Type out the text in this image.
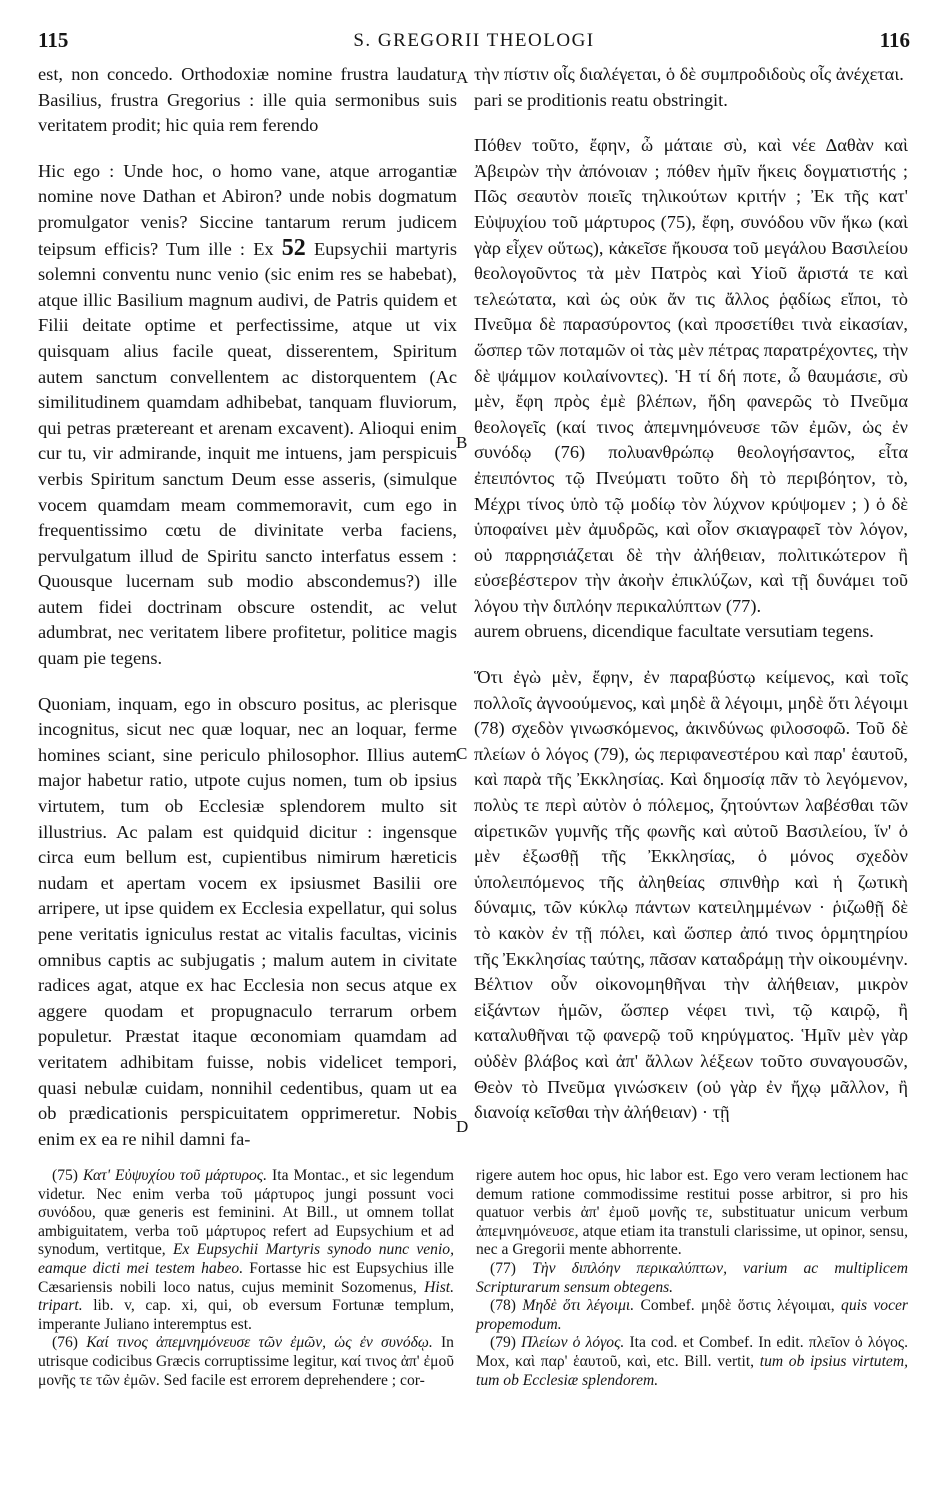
115	S. GREGORII THEOLOGI	116
A
B
C
D
est, non concedo. Orthodoxiæ nomine frustra laudatur Basilius, frustra Gregorius : ille quia sermonibus suis veritatem prodit; hic quia rem ferendo
Hic ego : Unde hoc, o homo vane, atque arrogantiæ nomine nove Dathan et Abiron? unde nobis dogmatum promulgator venis? Siccine tantarum rerum judicem teipsum efficis? Tum ille : Ex 52 Eupsychii martyris solemni conventu nunc venio (sic enim res se habebat), atque illic Basilium magnum audivi, de Patris quidem et Filii deitate optime et perfectissime, atque ut vix quisquam alius facile queat, disserentem, Spiritum autem sanctum convellentem ac distorquentem (Ac similitudinem quamdam adhibebat, tanquam fluviorum, qui petras prætereant et arenam excavent). Alioqui enim cur tu, vir admirande, inquit me intuens, jam perspicuis verbis Spiritum sanctum Deum esse asseris, (simulque vocem quamdam meam commemoravit, cum ego in frequentissimo cœtu de divinitate verba faciens, pervulgatum illud de Spiritu sancto interfatus essem : Quousque lucernam sub modio abscondemus?) ille autem fidei doctrinam obscure ostendit, ac velut adumbrat, nec veritatem libere profitetur, politice magis quam pie tegens.
Quoniam, inquam, ego in obscuro positus, ac plerisque incognitus, sicut nec quæ loquar, nec an loquar, ferme homines sciant, sine periculo philosophor. Illius autem major habetur ratio, utpote cujus nomen, tum ob ipsius virtutem, tum ob Ecclesiæ splendorem multo sit illustrius. Ac palam est quidquid dicitur : ingensque circa eum bellum est, cupientibus nimirum hæreticis nudam et apertam vocem ex ipsiusmet Basilii ore arripere, ut ipse quidem ex Ecclesia expellatur, qui solus pene veritatis igniculus restat ac vitalis facultas, vicinis omnibus captis ac subjugatis ; malum autem in civitate radices agat, atque ex hac Ecclesia non secus atque ex aggere quodam et propugnaculo terrarum orbem populetur. Præstat itaque œconomiam quamdam ad veritatem adhibitam fuisse, nobis videlicet tempori, quasi nebulæ cuidam, nonnihil cedentibus, quam ut ea ob prædicationis perspicuitatem opprimeretur. Nobis enim ex ea re nihil damni fa-
τὴν πίστιν οἷς διαλέγεται, ὁ δὲ συμπροδιδοὺς οἷς ἀνέχεται.
pari se proditionis reatu obstringit.
Πόθεν τοῦτο, ἔφην, ὦ μάταιε σὺ, καὶ νέε Δαθὰν καὶ Ἀβειρὼν τὴν ἀπόνοιαν ; πόθεν ἡμῖν ἥκεις δογματιστής ; Πῶς σεαυτὸν ποιεῖς τηλικούτων κριτήν ; Ἐκ τῆς κατ' Εὐψυχίου τοῦ μάρτυρος (75), ἔφη, συνόδου νῦν ἥκω (καὶ γὰρ εἶχεν οὕτως), κἀκεῖσε ἤκουσα τοῦ μεγάλου Βασιλείου θεολογοῦντος τὰ μὲν Πατρὸς καὶ Υἱοῦ ἄριστά τε καὶ τελεώτατα, καὶ ὡς οὐκ ἄν τις ἄλλος ῥᾳδίως εἴποι, τὸ Πνεῦμα δὲ παρασύροντος (καὶ προσετίθει τινὰ εἰκασίαν, ὥσπερ τῶν ποταμῶν οἱ τὰς μὲν πέτρας παρατρέχοντες, τὴν δὲ ψάμμον κοιλαίνοντες). Ἡ τί δή ποτε, ὦ θαυμάσιε, σὺ μὲν, ἔφη πρὸς ἐμὲ βλέπων, ἤδη φανερῶς τὸ Πνεῦμα θεολογεῖς (καί τινος ἀπεμνημόνευσε τῶν ἐμῶν, ὡς ἐν συνόδῳ (76) πολυανθρώπῳ θεολογήσαντος, εἶτα ἐπειπόντος τῷ Πνεύματι τοῦτο δὴ τὸ περιβόητον, τὸ, Μέχρι τίνος ὑπὸ τῷ μοδίῳ τὸν λύχνον κρύψομεν ; ) ὁ δὲ ὑποφαίνει μὲν ἀμυδρῶς, καὶ οἷον σκιαγραφεῖ τὸν λόγον, οὐ παρρησιάζεται δὲ τὴν ἀλήθειαν, πολιτικώτερον ἢ εὐσεβέστερον τὴν ἀκοὴν ἐπικλύζων, καὶ τῇ δυνάμει τοῦ λόγου τὴν διπλόην περικαλύπτων (77).
aurem obruens, dicendique facultate versutiam tegens.
Ὅτι ἐγὼ μὲν, ἔφην, ἐν παραβύστῳ κείμενος, καὶ τοῖς πολλοῖς ἀγνοούμενος, καὶ μηδὲ ἃ λέγοιμι, μηδὲ ὅτι λέγοιμι (78) σχεδὸν γινωσκόμενος, ἀκινδύνως φιλοσοφῶ. Τοῦ δὲ πλείων ὁ λόγος (79), ὡς περιφανεστέρου καὶ παρ' ἑαυτοῦ, καὶ παρὰ τῆς Ἐκκλησίας. Καὶ δημοσίᾳ πᾶν τὸ λεγόμενον, πολὺς τε περὶ αὐτὸν ὁ πόλεμος, ζητούντων λαβέσθαι τῶν αἱρετικῶν γυμνῆς τῆς φωνῆς καὶ αὐτοῦ Βασιλείου, ἵν' ὁ μὲν ἐξωσθῇ τῆς Ἐκκλησίας, ὁ μόνος σχεδὸν ὑπολειπόμενος τῆς ἀληθείας σπινθὴρ καὶ ἡ ζωτικὴ δύναμις, τῶν κύκλῳ πάντων κατειλημμένων · ῥιζωθῇ δὲ τὸ κακὸν ἐν τῇ πόλει, καὶ ὥσπερ ἀπό τινος ὁρμητηρίου τῆς Ἐκκλησίας ταύτης, πᾶσαν καταδράμῃ τὴν οἰκουμένην. Βέλτιον οὖν οἰκονομηθῆναι τὴν ἀλήθειαν, μικρὸν εἰξάντων ἡμῶν, ὥσπερ νέφει τινὶ, τῷ καιρῷ, ἢ καταλυθῆναι τῷ φανερῷ τοῦ κηρύγματος. Ἡμῖν μὲν γὰρ οὐδὲν βλάβος καὶ ἀπ' ἄλλων λέξεων τοῦτο συναγουσῶν, Θεὸν τὸ Πνεῦμα γινώσκειν (οὐ γὰρ ἐν ἤχῳ μᾶλλον, ἢ διανοίᾳ κεῖσθαι τὴν ἀλήθειαν) · τῇ

(75) Κατ' Εὐψυχίου τοῦ μάρτυρος. Ita Montac., et sic legendum videtur. Nec enim verba τοῦ μάρτυρος jungi possunt voci συνόδου, quæ generis est feminini. At Bill., ut omnem tollat ambiguitatem, verba τοῦ μάρτυρος refert ad Eupsychium et ad synodum, vertitque, Ex Eupsychii Martyris synodo nunc venio, eamque dicti mei testem habeo. Fortasse hic est Eupsychius ille Cæsariensis nobili loco natus, cujus meminit Sozomenus, Hist. tripart. lib. v, cap. xi, qui, ob eversum Fortunæ templum, imperante Juliano interemptus est.

(76) Καί τινος ἀπεμνημόνευσε τῶν ἐμῶν, ὡς ἐν συνόδῳ. In utrisque codicibus Græcis corruptissime legitur, καί τινος ἀπ' ἐμοῦ μονῆς τε τῶν ἐμῶν. Sed facile est errorem deprehendere ; cor-

rigere autem hoc opus, hic labor est. Ego vero veram lectionem hac demum ratione commodissime restitui posse arbitror, si pro his quatuor verbis ἀπ' ἐμοῦ μονῆς τε, substituatur unicum verbum ἀπεμνημόνευσε, atque etiam ita transtuli clarissime, ut opinor, sensu, nec a Gregorii mente abhorrente.

(77) Τὴν διπλόην περικαλύπτων, varium ac multiplicem Scripturarum sensum obtegens.

(78) Μηδὲ ὅτι λέγοιμι. Combef. μηδὲ ὅστις λέγοιμαι, quis vocer propemodum.

(79) Πλείων ὁ λόγος. Ita cod. et Combef. In edit. πλεῖον ὁ λόγος. Mox, καὶ παρ' ἑαυτοῦ, καὶ, etc. Bill. vertit, tum ob ipsius virtutem, tum ob Ecclesiæ splendorem.
